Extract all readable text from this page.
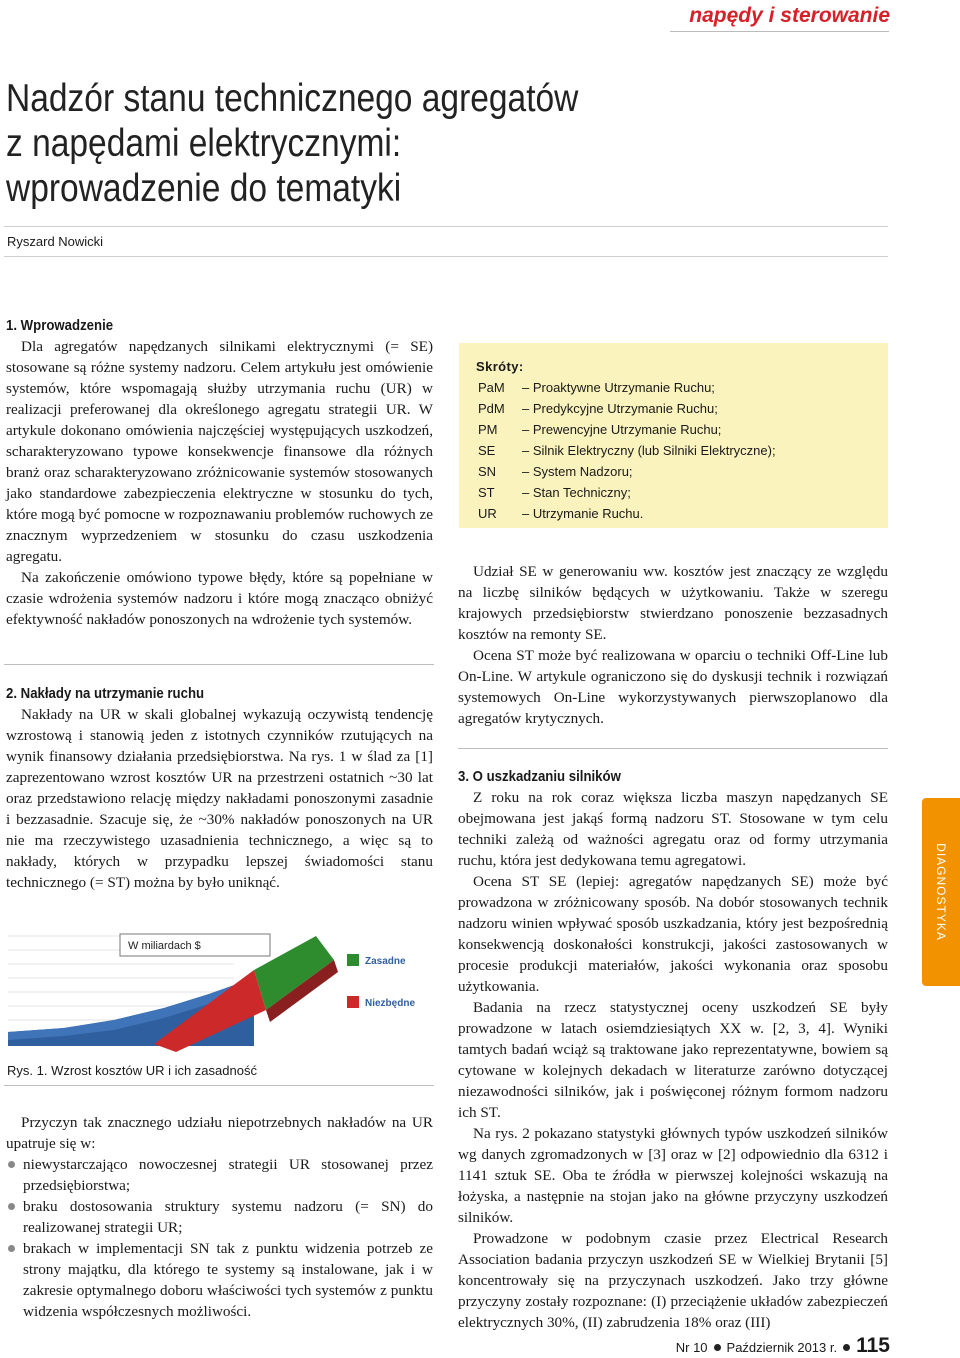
napędy i sterowanie
Nadzór stanu technicznego agregatów
z napędami elektrycznymi:
wprowadzenie do tematyki
Ryszard Nowicki
1. Wprowadzenie

Dla agregatów napędzanych silnikami elektrycznymi (= SE) stosowane są różne systemy nadzoru. Celem artykułu jest omówienie systemów, które wspomagają służby utrzymania ruchu (UR) w realizacji preferowanej dla określonego agregatu strategii UR. W artykule dokonano omówienia najczęściej występujących uszkodzeń, scharakteryzowano typowe konsekwencje finansowe dla różnych branż oraz scharakteryzowano zróżnicowanie systemów stosowanych jako standardowe zabezpieczenia elektryczne w stosunku do tych, które mogą być pomocne w rozpoznawaniu problemów ruchowych ze znacznym wyprzedzeniem w stosunku do czasu uszkodzenia agregatu.

Na zakończenie omówiono typowe błędy, które są popełniane w czasie wdrożenia systemów nadzoru i które mogą znacząco obniżyć efektywność nakładów ponoszonych na wdrożenie tych systemów.

2. Nakłady na utrzymanie ruchu

Nakłady na UR w skali globalnej wykazują oczywistą tendencję wzrostową i stanowią jeden z istotnych czynników rzutujących na wynik finansowy działania przedsiębiorstwa. Na rys. 1 w ślad za [1] zaprezentowano wzrost kosztów UR na przestrzeni ostatnich ~30 lat oraz przedstawiono relację między nakładami ponoszonymi zasadnie i bezzasadnie. Szacuje się, że ~30% nakładów ponoszonych na UR nie ma rzeczywistego uzasadnienia technicznego, a więc są to nakłady, których w przypadku lepszej świadomości stanu technicznego (= ST) można by było uniknąć.

W miliardach $
Zasadne
Niezbędne
Rys. 1. Wzrost kosztów UR i ich zasadność

Przyczyn tak znacznego udziału niepotrzebnych nakładów na UR upatruje się w:

niewystarczająco nowoczesnej strategii UR stosowanej przez przedsiębiorstwa;
braku dostosowania struktury systemu nadzoru (= SN) do realizowanej strategii UR;
brakach w implementacji SN tak z punktu widzenia potrzeb ze strony majątku, dla którego te systemy są instalowane, jak i w zakresie optymalnego doboru właściwości tych systemów z punktu widzenia współczesnych możliwości.
Skróty:
PaM – Proaktywne Utrzymanie Ruchu;
PdM – Predykcyjne Utrzymanie Ruchu;
PM – Prewencyjne Utrzymanie Ruchu;
SE – Silnik Elektryczny (lub Silniki Elektryczne);
SN – System Nadzoru;
ST – Stan Techniczny;
UR – Utrzymanie Ruchu.

Udział SE w generowaniu ww. kosztów jest znaczący ze względu na liczbę silników będących w użytkowaniu. Także w szeregu krajowych przedsiębiorstw stwierdzano ponoszenie bezzasadnych kosztów na remonty SE.

Ocena ST może być realizowana w oparciu o techniki Off-Line lub On-Line. W artykule ograniczono się do dyskusji technik i rozwiązań systemowych On-Line wykorzystywanych pierwszoplanowo dla agregatów krytycznych.

3. O uszkadzaniu silników

Z roku na rok coraz większa liczba maszyn napędzanych SE obejmowana jest jakąś formą nadzoru ST. Stosowane w tym celu techniki zależą od ważności agregatu oraz od formy utrzymania ruchu, która jest dedykowana temu agregatowi.

Ocena ST SE (lepiej: agregatów napędzanych SE) może być prowadzona w zróżnicowany sposób. Na dobór stosowanych technik nadzoru winien wpływać sposób uszkadzania, który jest bezpośrednią konsekwencją doskonałości konstrukcji, jakości zastosowanych w procesie produkcji materiałów, jakości wykonania oraz sposobu użytkowania.

Badania na rzecz statystycznej oceny uszkodzeń SE były prowadzone w latach osiemdziesiątych XX w. [2, 3, 4]. Wyniki tamtych badań wciąż są traktowane jako reprezentatywne, bowiem są cytowane w kolejnych dekadach w literaturze zarówno dotyczącej niezawodności silników, jak i poświęconej różnym formom nadzoru ich ST.

Na rys. 2 pokazano statystyki głównych typów uszkodzeń silników wg danych zgromadzonych w [3] oraz w [2] odpowiednio dla 6312 i 1141 sztuk SE. Oba te źródła w pierwszej kolejności wskazują na łożyska, a następnie na stojan jako na główne przyczyny uszkodzeń silników.

Prowadzone w podobnym czasie przez Electrical Research Association badania przyczyn uszkodzeń SE w Wielkiej Brytanii [5] koncentrowały się na przyczynach uszkodzeń. Jako trzy główne przyczyny zostały rozpoznane: (I) przeciążenie układów zabezpieczeń elektrycznych 30%, (II) zabrudzenia 18% oraz (III)

DIAGNOSTYKA
Nr 10 Październik 2013 r. 115
